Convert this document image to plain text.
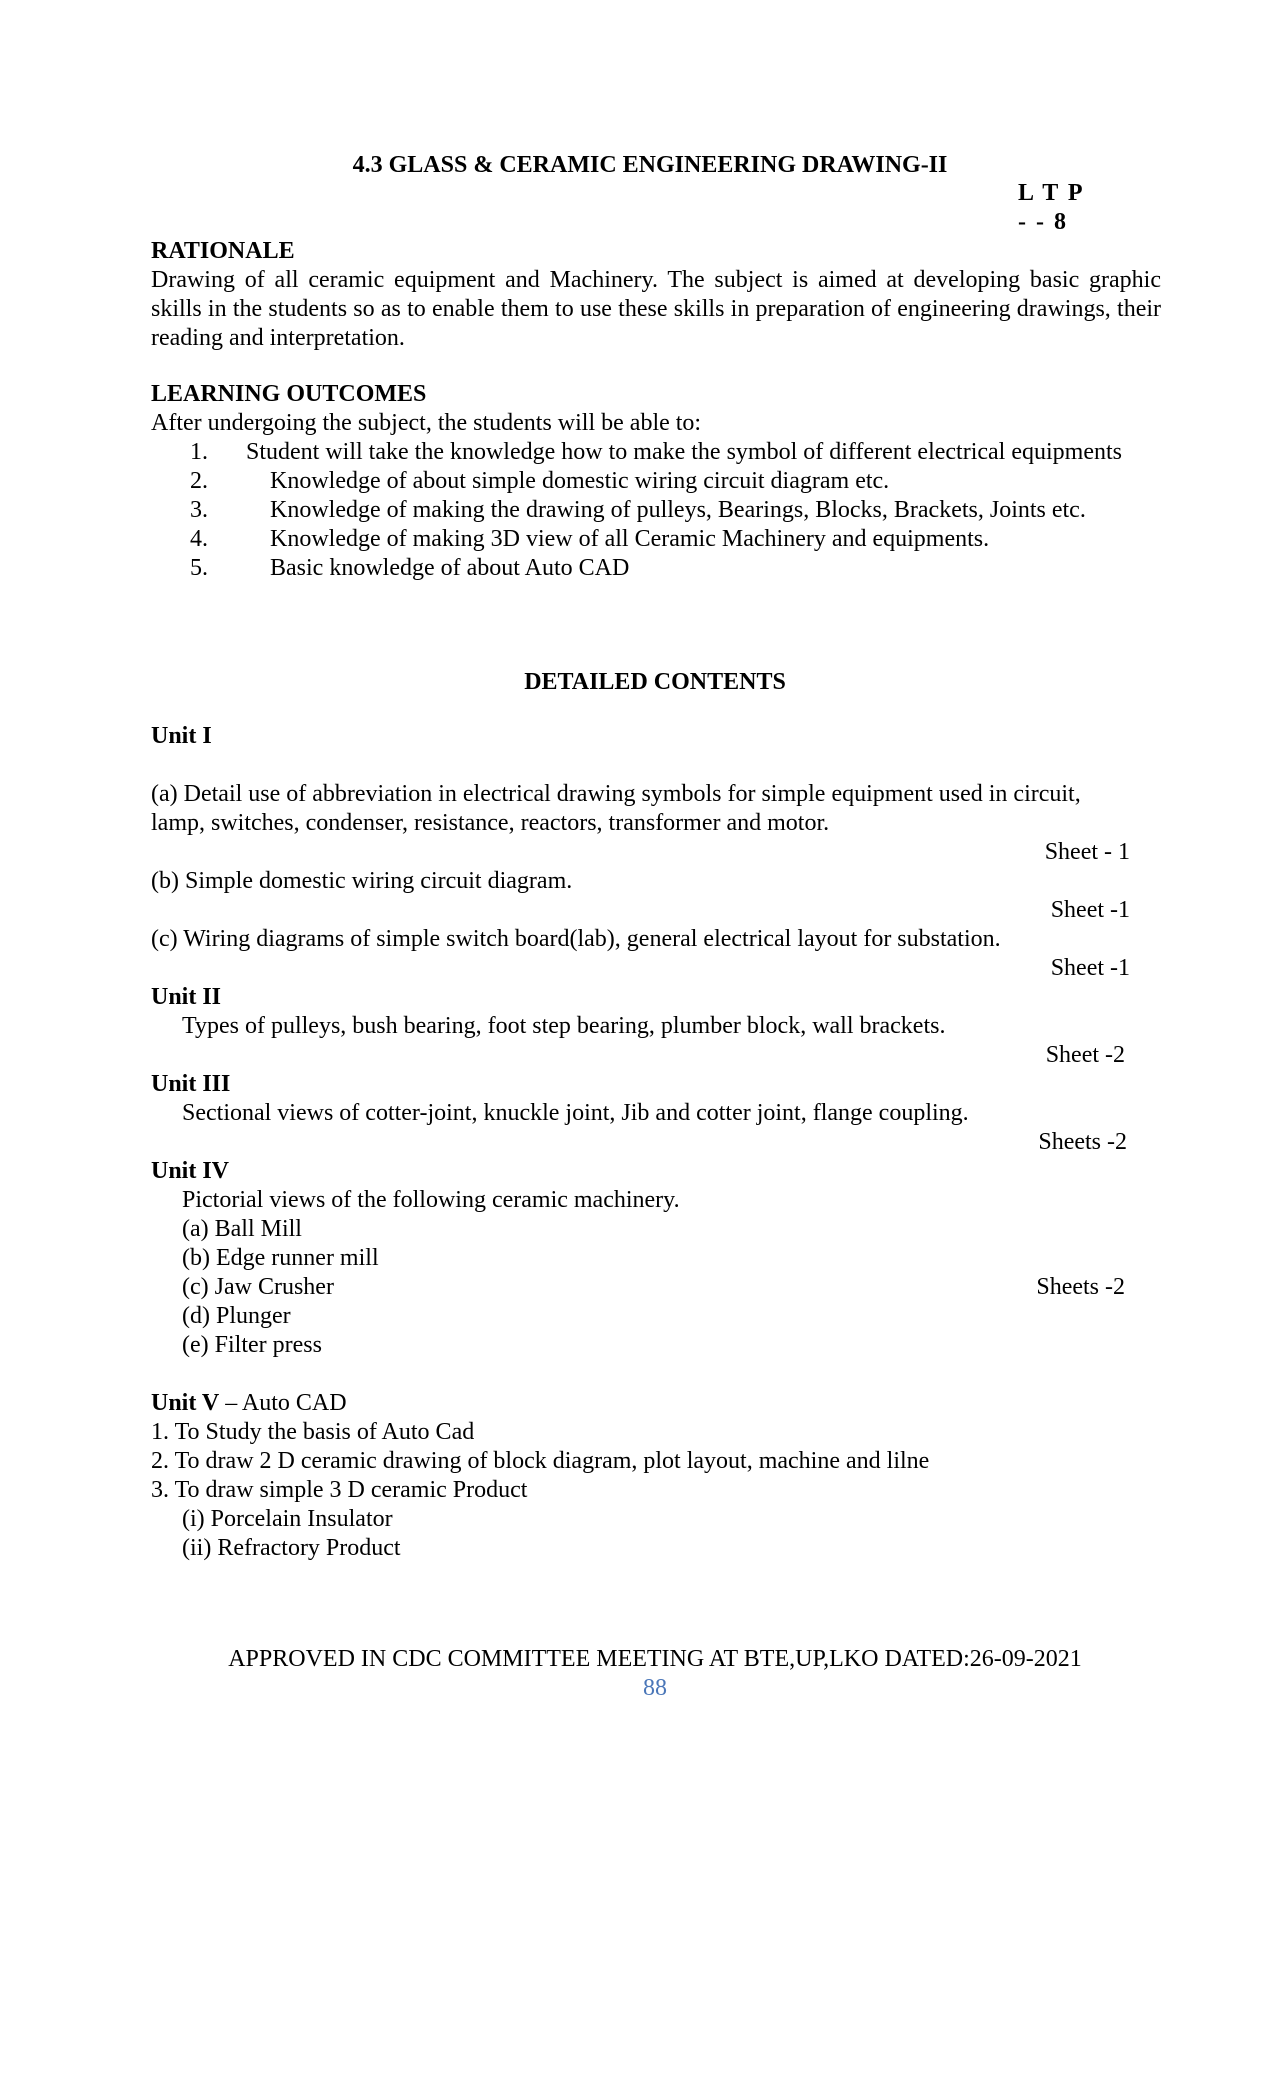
4.3 GLASS & CERAMIC ENGINEERING DRAWING-II
L T P
- - 8
RATIONALE
Drawing of all ceramic equipment and Machinery. The subject is aimed at developing basic graphic skills in the students so as to enable them to use these skills in preparation of engineering drawings, their reading and interpretation.
LEARNING OUTCOMES
After undergoing the subject, the students will be able to:
1. Student will take the knowledge how to make the symbol of different electrical equipments
2.	Knowledge of about simple domestic wiring circuit diagram etc.
3.	Knowledge of making the drawing of pulleys, Bearings, Blocks, Brackets, Joints etc.
4.	Knowledge of making 3D view of all Ceramic Machinery and equipments.
5.	Basic knowledge of about Auto CAD
DETAILED CONTENTS
Unit I
(a) Detail use of abbreviation in electrical drawing symbols for simple equipment used in circuit,
lamp, switches, condenser, resistance, reactors, transformer and motor.
Sheet - 1
(b) Simple domestic wiring circuit diagram.
Sheet -1
(c) Wiring diagrams of simple switch board(lab), general electrical layout for substation.
Sheet -1
Unit II
Types of pulleys, bush bearing, foot step bearing, plumber block, wall brackets.
Sheet -2
Unit III
Sectional views of cotter-joint, knuckle joint, Jib and cotter joint, flange coupling.
Sheets -2
Unit IV
Pictorial views of the following ceramic machinery.
(a) Ball Mill
(b) Edge runner mill
(c) Jaw Crusher	Sheets -2
(d) Plunger
(e) Filter press
Unit V – Auto CAD
1. To Study the basis of Auto Cad
2. To draw 2 D ceramic drawing of block diagram, plot layout, machine and lilne
3. To draw simple 3 D ceramic Product
(i) Porcelain Insulator
(ii) Refractory Product
APPROVED IN CDC COMMITTEE MEETING AT BTE,UP,LKO DATED:26-09-2021
88
